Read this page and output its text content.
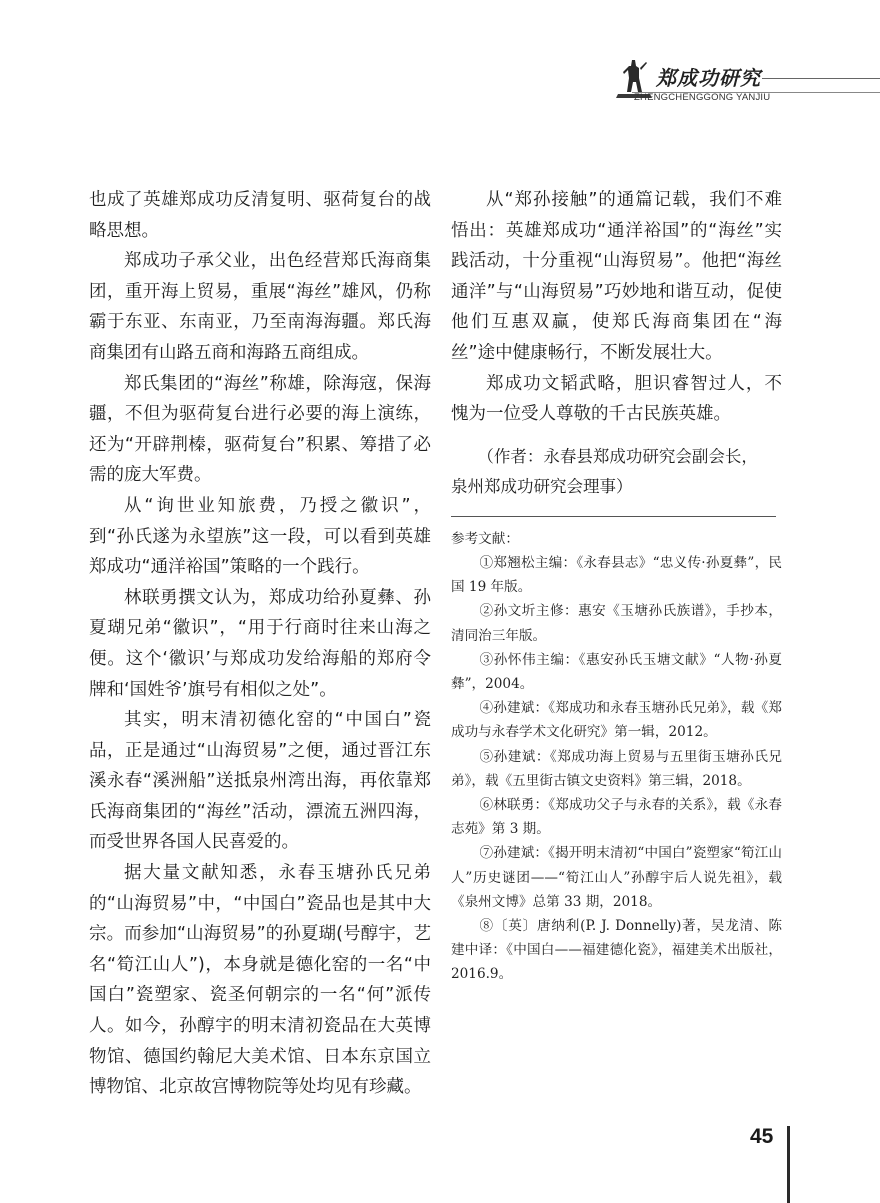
郑成功研究
ZHENGCHENGGONG YANJIU

也成了英雄郑成功反清复明、驱荷复台的战略思想。

郑成功子承父业，出色经营郑氏海商集团，重开海上贸易，重展“海丝”雄风，仍称霸于东亚、东南亚，乃至南海海疆。郑氏海商集团有山路五商和海路五商组成。

郑氏集团的“海丝”称雄，除海寇，保海疆，不但为驱荷复台进行必要的海上演练，还为“开辟荆榛，驱荷复台”积累、筹措了必需的庞大军费。

从“询世业知旅费，乃授之徽识”，到“孙氏遂为永望族”这一段，可以看到英雄郑成功“通洋裕国”策略的一个践行。

林联勇撰文认为，郑成功给孙夏彝、孙夏瑚兄弟“徽识”，“用于行商时往来山海之便。这个‘徽识’与郑成功发给海船的郑府令牌和‘国姓爷’旗号有相似之处”。

其实，明末清初德化窑的“中国白”瓷品，正是通过“山海贸易”之便，通过晋江东溪永春“溪洲船”送抵泉州湾出海，再依靠郑氏海商集团的“海丝”活动，漂流五洲四海，而受世界各国人民喜爱的。

据大量文献知悉，永春玉塘孙氏兄弟的“山海贸易”中，“中国白”瓷品也是其中大宗。而参加“山海贸易”的孙夏瑚(号醇宇，艺名“筍江山人”)，本身就是德化窑的一名“中国白”瓷塑家、瓷圣何朝宗的一名“何”派传人。如今，孙醇宇的明末清初瓷品在大英博物馆、德国约翰尼大美术馆、日本东京国立博物馆、北京故宫博物院等处均见有珍藏。

从“郑孙接触”的通篇记载，我们不难悟出：英雄郑成功“通洋裕国”的“海丝”实践活动，十分重视“山海贸易”。他把“海丝通洋”与“山海贸易”巧妙地和谐互动，促使他们互惠双赢，使郑氏海商集团在“海丝”途中健康畅行，不断发展壮大。

郑成功文韬武略，胆识睿智过人，不愧为一位受人尊敬的千古民族英雄。

（作者：永春县郑成功研究会副会长，
泉州郑成功研究会理事）

参考文献：

①郑翘松主编：《永春县志》“忠义传·孙夏彝”，民国 19 年版。

②孙文圻主修：惠安《玉塘孙氏族谱》，手抄本，清同治三年版。

③孙怀伟主编：《惠安孙氏玉塘文献》“人物·孙夏彝”，2004。

④孙建斌：《郑成功和永春玉塘孙氏兄弟》，载《郑成功与永春学术文化研究》第一辑，2012。

⑤孙建斌：《郑成功海上贸易与五里街玉塘孙氏兄弟》，载《五里街古镇文史资料》第三辑，2018。

⑥林联勇：《郑成功父子与永春的关系》，载《永春志苑》第 3 期。

⑦孙建斌：《揭开明末清初“中国白”瓷塑家“筍江山人”历史谜团——“筍江山人”孙醇宇后人说先祖》，载《泉州文博》总第 33 期，2018。

⑧〔英〕唐纳利(P. J. Donnelly)著，吴龙清、陈建中译：《中国白——福建德化瓷》，福建美术出版社，2016.9。

45
